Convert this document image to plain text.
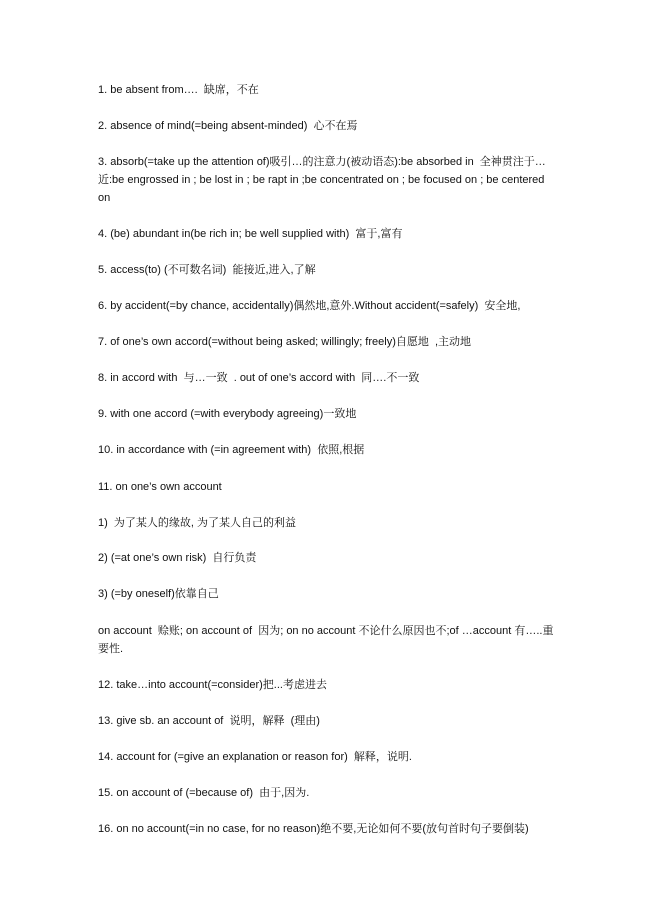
1. be absent from….  缺席，不在
2. absence of mind(=being absent-minded)  心不在焉
3. absorb(=take up the attention of)吸引…的注意力(被动语态):be absorbed in  全神贯注于…近:be engrossed in ; be lost in ; be rapt in ;be concentrated on ; be focused on ; be centered on
4. (be) abundant in(be rich in; be well supplied with)  富于,富有
5. access(to) (不可数名词)  能接近,进入,了解
6. by accident(=by chance, accidentally)偶然地,意外.Without accident(=safely)  安全地,
7. of one’s own accord(=without being asked; willingly; freely)自愿地  ,主动地
8. in accord with  与…一致  . out of one’s accord with  同….不一致
9. with one accord (=with everybody agreeing)一致地
10. in accordance with (=in agreement with)  依照,根据
11. on one’s own account
1)  为了某人的缘故, 为了某人自己的利益
2) (=at one’s own risk)  自行负责
3) (=by oneself)依靠自己
on account  赊账; on account of  因为; on no account 不论什么原因也不;of …account 有…..重要性.
12. take…into account(=consider)把...考虑进去
13. give sb. an account of  说明，解释  (理由)
14. account for (=give an explanation or reason for)  解释，说明.
15. on account of (=because of)  由于,因为.
16. on no account(=in no case, for no reason)绝不要,无论如何不要(放句首时句子要倒装)
